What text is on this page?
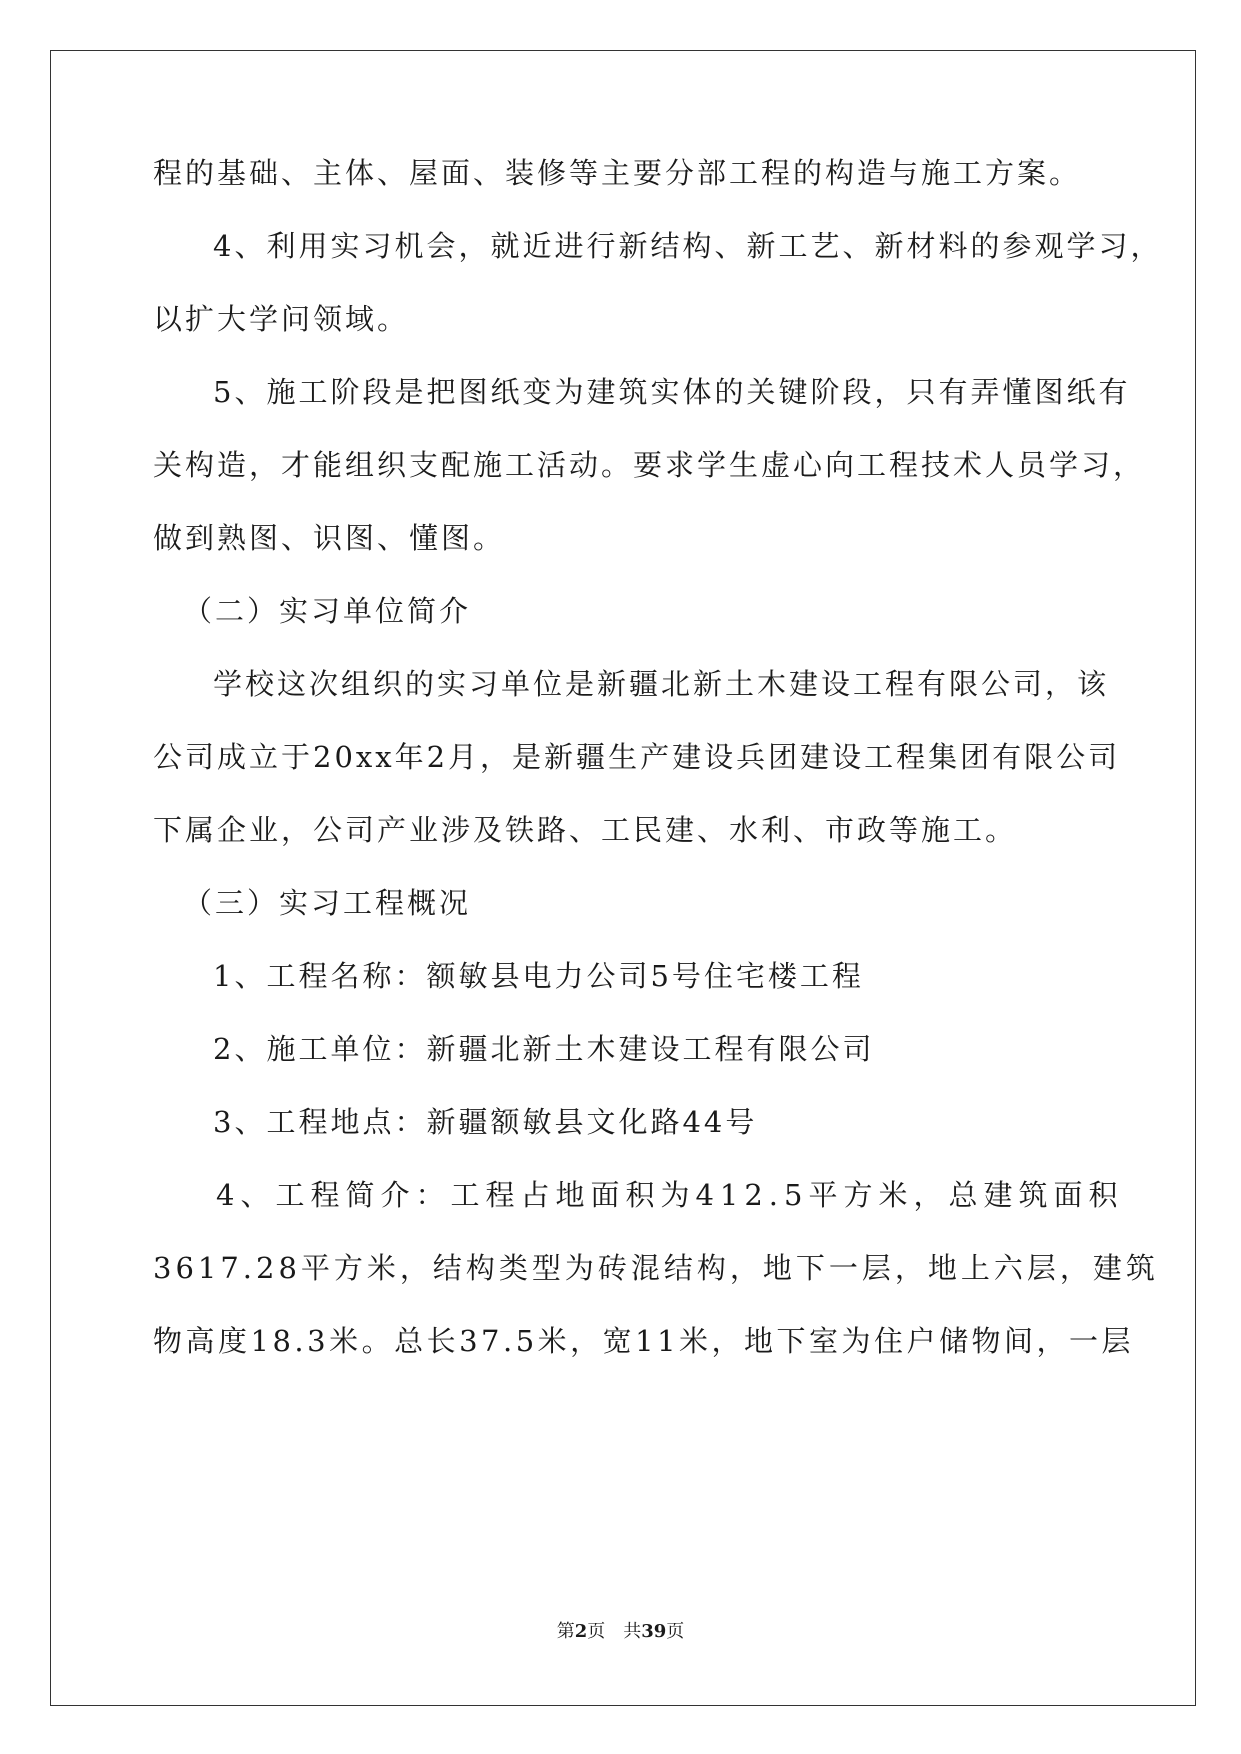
程的基础、主体、屋面、装修等主要分部工程的构造与施工方案。
4、利用实习机会，就近进行新结构、新工艺、新材料的参观学习，
以扩大学问领域。
5、施工阶段是把图纸变为建筑实体的关键阶段，只有弄懂图纸有
关构造，才能组织支配施工活动。要求学生虚心向工程技术人员学习，
做到熟图、识图、懂图。
（二）实习单位简介
学校这次组织的实习单位是新疆北新土木建设工程有限公司，该
公司成立于20xx年2月，是新疆生产建设兵团建设工程集团有限公司
下属企业，公司产业涉及铁路、工民建、水利、市政等施工。
（三）实习工程概况
1、工程名称：额敏县电力公司5号住宅楼工程
2、施工单位：新疆北新土木建设工程有限公司
3、工程地点：新疆额敏县文化路44号
4、工程简介：工程占地面积为412.5平方米，总建筑面积
3617.28平方米，结构类型为砖混结构，地下一层，地上六层，建筑
物高度18.3米。总长37.5米，宽11米，地下室为住户储物间，一层
第2页 共39页
